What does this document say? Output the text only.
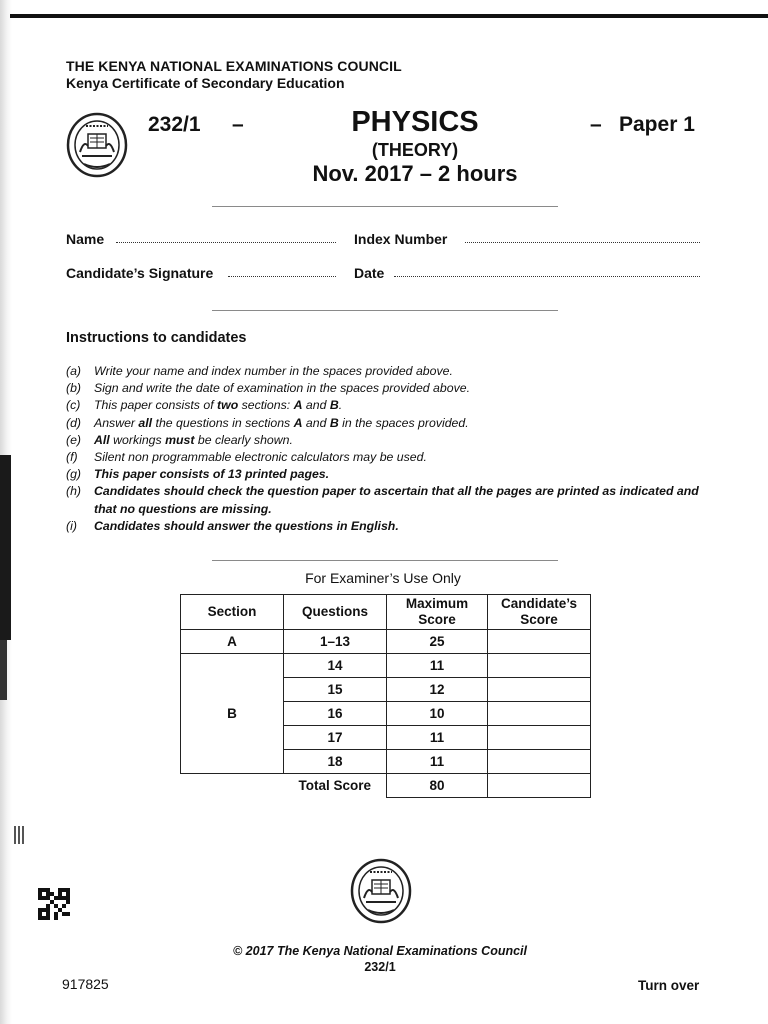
THE KENYA NATIONAL EXAMINATIONS COUNCIL
Kenya Certificate of Secondary Education
232/1 –	PHYSICS
(THEORY)
Nov. 2017 – 2 hours
– Paper 1
Name	Index Number
Candidate’s Signature	Date
Instructions to candidates
(a)	Write your name and index number in the spaces provided above.
(b)	Sign and write the date of examination in the spaces provided above.
(c)	This paper consists of two sections: A and B.
(d)	Answer all the questions in sections A and B in the spaces provided.
(e)	All workings must be clearly shown.
(f)	Silent non programmable electronic calculators may be used.
(g)	This paper consists of 13 printed pages.
(h)	Candidates should check the question paper to ascertain that all the pages are printed as indicated and that no questions are missing.
(i)	Candidates should answer the questions in English.
For Examiner’s Use Only
Section	Questions	Maximum Score	Candidate’s Score
A	1–13	25	
B	14	11	
	15	12	
	16	10	
	17	11	
	18	11	
	Total Score	80	
© 2017 The Kenya National Examinations Council
232/1
917825	Turn over
